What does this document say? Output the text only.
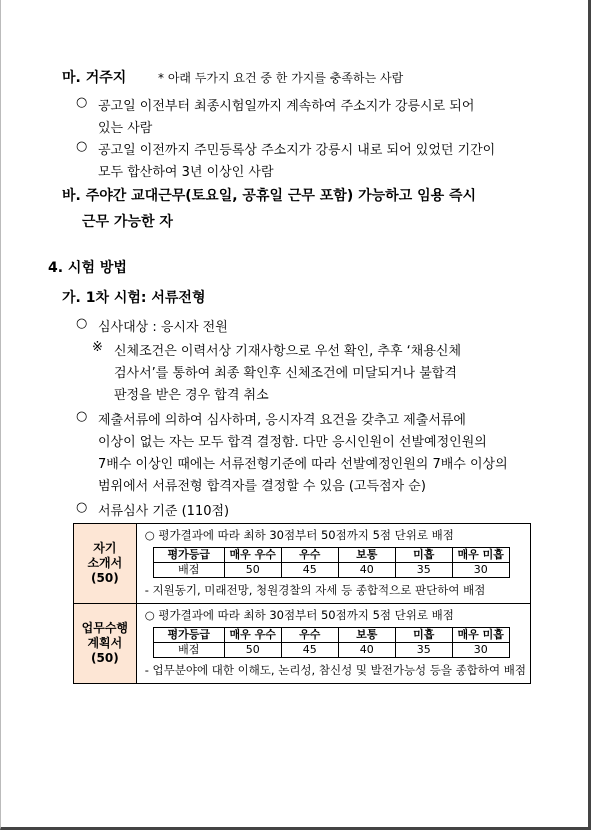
마. 거주지	* 아래 두가지 요건 중 한 가지를 충족하는 사람
○ 공고일 이전부터 최종시험일까지 계속하여 주소지가 강릉시로 되어
있는 사람
○ 공고일 이전까지 주민등록상 주소지가 강릉시 내로 되어 있었던 기간이
모두 합산하여 3년 이상인 사람
바. 주야간 교대근무(토요일, 공휴일 근무 포함) 가능하고 임용 즉시
근무 가능한 자
4. 시험 방법
가. 1차 시험: 서류전형
○ 심사대상 : 응시자 전원
※ 신체조건은 이력서상 기재사항으로 우선 확인, 추후 ‘채용신체
검사서’를 통하여 최종 확인후 신체조건에 미달되거나 불합격
판정을 받은 경우 합격 취소
○ 제출서류에 의하여 심사하며, 응시자격 요건을 갖추고 제출서류에
이상이 없는 자는 모두 합격 결정함. 다만 응시인원이 선발예정인원의
7배수 이상인 때에는 서류전형기준에 따라 선발예정인원의 7배수 이상의
범위에서 서류전형 합격자를 결정할 수 있음 (고득점자 순)
○ 서류심사 기준 (110점)
자기
소개서
(50)

○ 평가결과에 따라 최하 30점부터 50점까지 5점 단위로 배점
평가등급	매우 우수	우수	보통	미흡	매우 미흡
배점	50	45	40	35	30
- 지원동기, 미래전망, 청원경찰의 자세 등 종합적으로 판단하여 배점

업무수행
계획서
(50)

○ 평가결과에 따라 최하 30점부터 50점까지 5점 단위로 배점
평가등급	매우 우수	우수	보통	미흡	매우 미흡
배점	50	45	40	35	30
- 업무분야에 대한 이해도, 논리성, 참신성 및 발전가능성 등을 종합하여 배점
